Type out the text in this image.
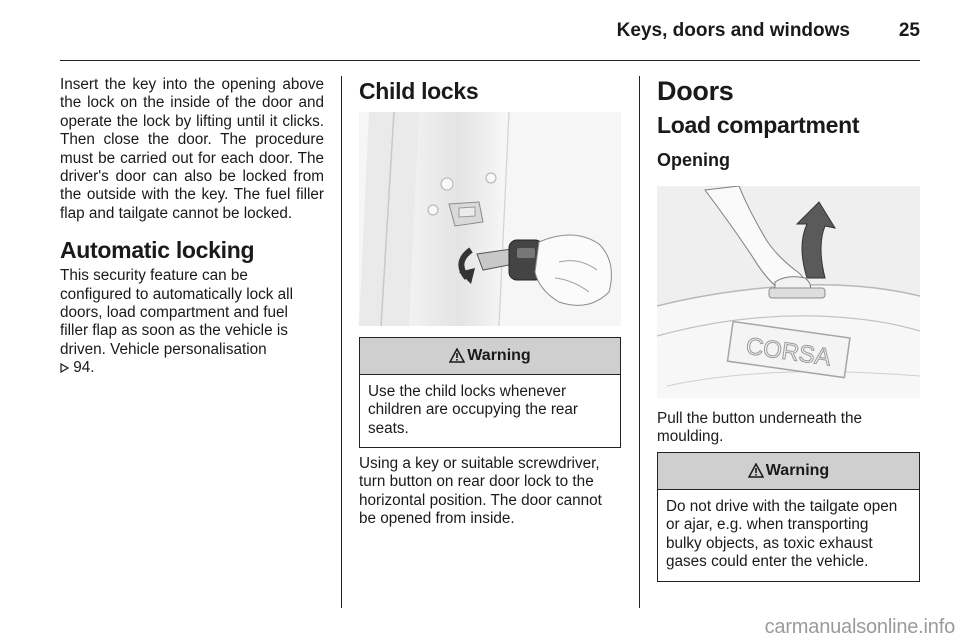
Keys, doors and windows	25

Insert the key into the opening above the lock on the inside of the door and operate the lock by lifting until it clicks. Then close the door. The procedure must be carried out for each door. The driver's door can also be locked from the outside with the key. The fuel filler flap and tailgate cannot be locked.

Automatic locking
This security feature can be
configured to automatically lock all
doors, load compartment and fuel
filler flap as soon as the vehicle is
driven. Vehicle personalisation
94.
Child locks
Warning
Use the child locks whenever
children are occupying the rear
seats.

Using a key or suitable screwdriver, turn button on rear door lock to the horizontal position. The door cannot be opened from inside.

Doors
Load compartment
Opening
CORSA
Pull the button underneath the
moulding.
Warning
Do not drive with the tailgate open
or ajar, e.g. when transporting
bulky objects, as toxic exhaust
gases could enter the vehicle.
carmanualsonline.info
